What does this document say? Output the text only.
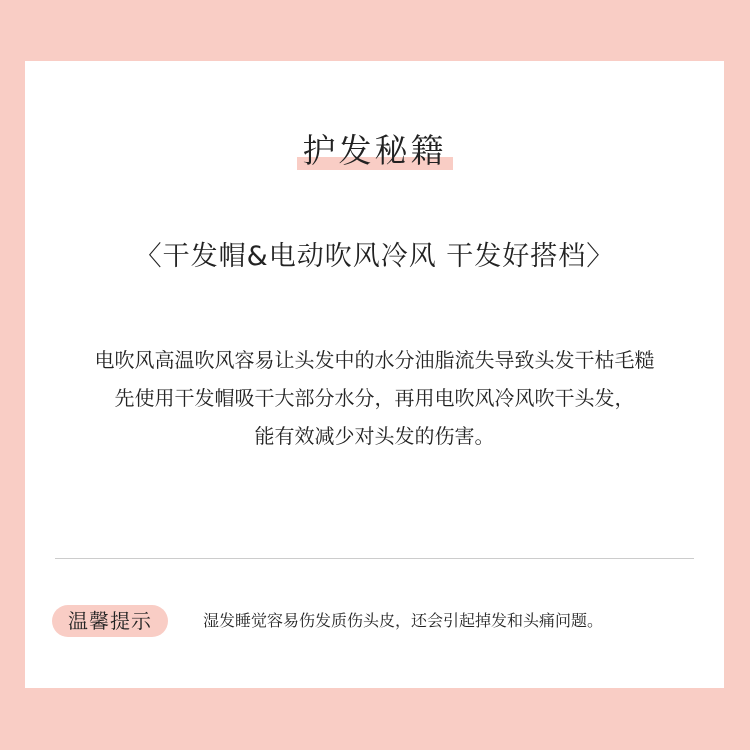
护发秘籍
〈干发帽&电动吹风冷风 干发好搭档〉
电吹风高温吹风容易让头发中的水分油脂流失导致头发干枯毛糙
先使用干发帽吸干大部分水分，再用电吹风冷风吹干头发，
能有效减少对头发的伤害。
温馨提示	湿发睡觉容易伤发质伤头皮，还会引起掉发和头痛问题。
